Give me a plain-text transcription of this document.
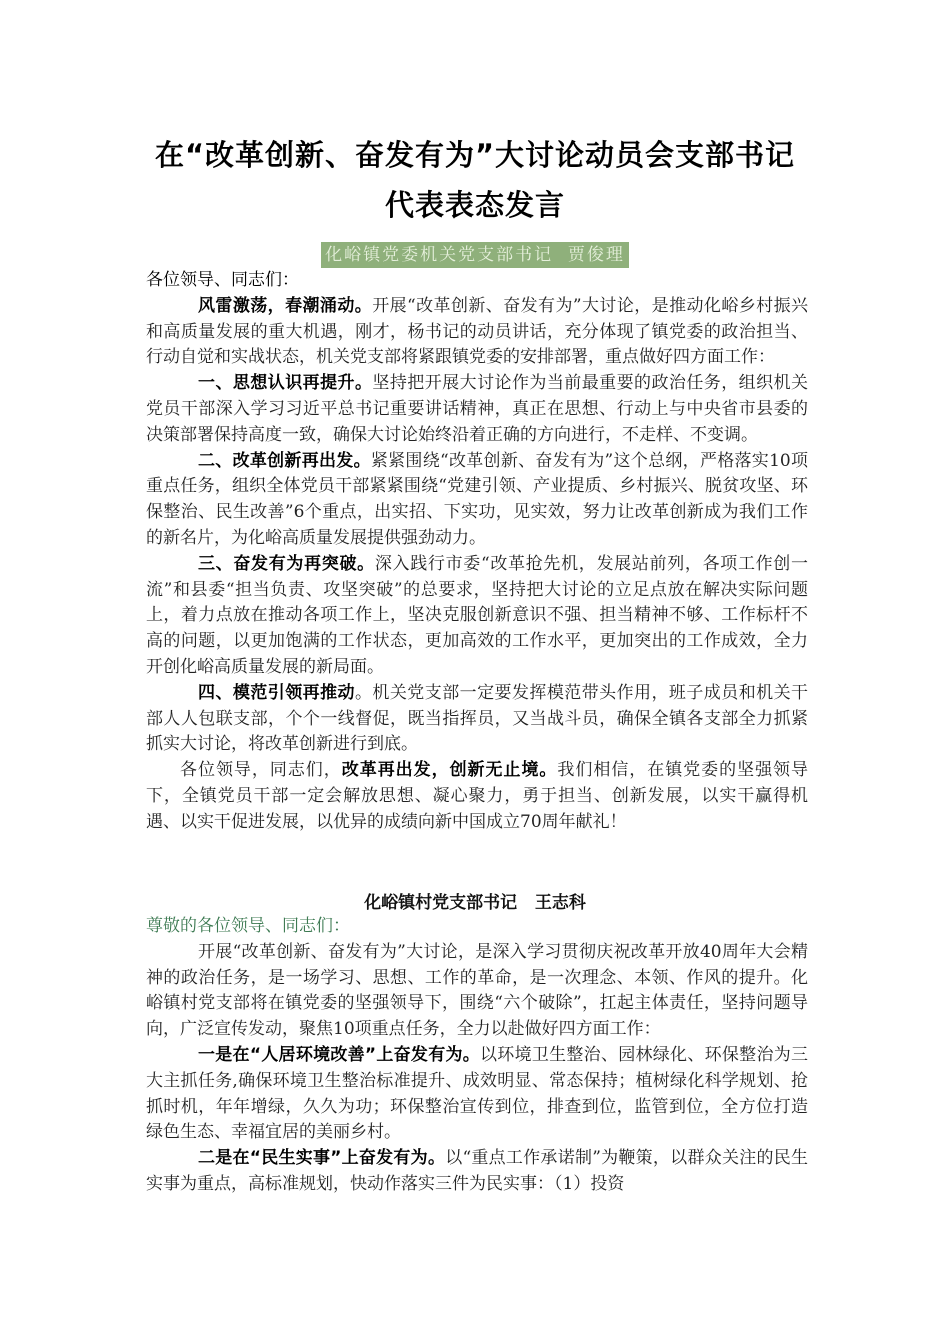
在“改革创新、奋发有为”大讨论动员会支部书记
代表表态发言
化峪镇党委机关党支部书记  贾俊理

各位领导、同志们：

风雷激荡，春潮涌动。开展“改革创新、奋发有为”大讨论，是推动化峪乡村振兴和高质量发展的重大机遇，刚才，杨书记的动员讲话，充分体现了镇党委的政治担当、行动自觉和实战状态，机关党支部将紧跟镇党委的安排部署，重点做好四方面工作：

一、思想认识再提升。坚持把开展大讨论作为当前最重要的政治任务，组织机关党员干部深入学习习近平总书记重要讲话精神，真正在思想、行动上与中央省市县委的决策部署保持高度一致，确保大讨论始终沿着正确的方向进行，不走样、不变调。

二、改革创新再出发。紧紧围绕“改革创新、奋发有为”这个总纲，严格落实10项重点任务，组织全体党员干部紧紧围绕“党建引领、产业提质、乡村振兴、脱贫攻坚、环保整治、民生改善”6个重点，出实招、下实功，见实效，努力让改革创新成为我们工作的新名片，为化峪高质量发展提供强劲动力。

三、奋发有为再突破。深入践行市委“改革抢先机，发展站前列，各项工作创一流”和县委“担当负责、攻坚突破”的总要求，坚持把大讨论的立足点放在解决实际问题上，着力点放在推动各项工作上，坚决克服创新意识不强、担当精神不够、工作标杆不高的问题，以更加饱满的工作状态，更加高效的工作水平，更加突出的工作成效，全力开创化峪高质量发展的新局面。

四、模范引领再推动。机关党支部一定要发挥模范带头作用，班子成员和机关干部人人包联支部，个个一线督促，既当指挥员，又当战斗员，确保全镇各支部全力抓紧抓实大讨论，将改革创新进行到底。

各位领导，同志们，改革再出发，创新无止境。我们相信，在镇党委的坚强领导下，全镇党员干部一定会解放思想、凝心聚力，勇于担当、创新发展，以实干赢得机遇、以实干促进发展，以优异的成绩向新中国成立70周年献礼！

化峪镇村党支部书记   王志科

尊敬的各位领导、同志们：

开展“改革创新、奋发有为”大讨论，是深入学习贯彻庆祝改革开放40周年大会精神的政治任务，是一场学习、思想、工作的革命，是一次理念、本领、作风的提升。化峪镇村党支部将在镇党委的坚强领导下，围绕“六个破除”，扛起主体责任，坚持问题导向，广泛宣传发动，聚焦10项重点任务，全力以赴做好四方面工作：

一是在“人居环境改善”上奋发有为。以环境卫生整治、园林绿化、环保整治为三大主抓任务,确保环境卫生整治标准提升、成效明显、常态保持；植树绿化科学规划、抢抓时机，年年增绿，久久为功；环保整治宣传到位，排查到位，监管到位，全方位打造绿色生态、幸福宜居的美丽乡村。

二是在“民生实事”上奋发有为。以“重点工作承诺制”为鞭策，以群众关注的民生实事为重点，高标准规划，快动作落实三件为民实事：（1）投资
